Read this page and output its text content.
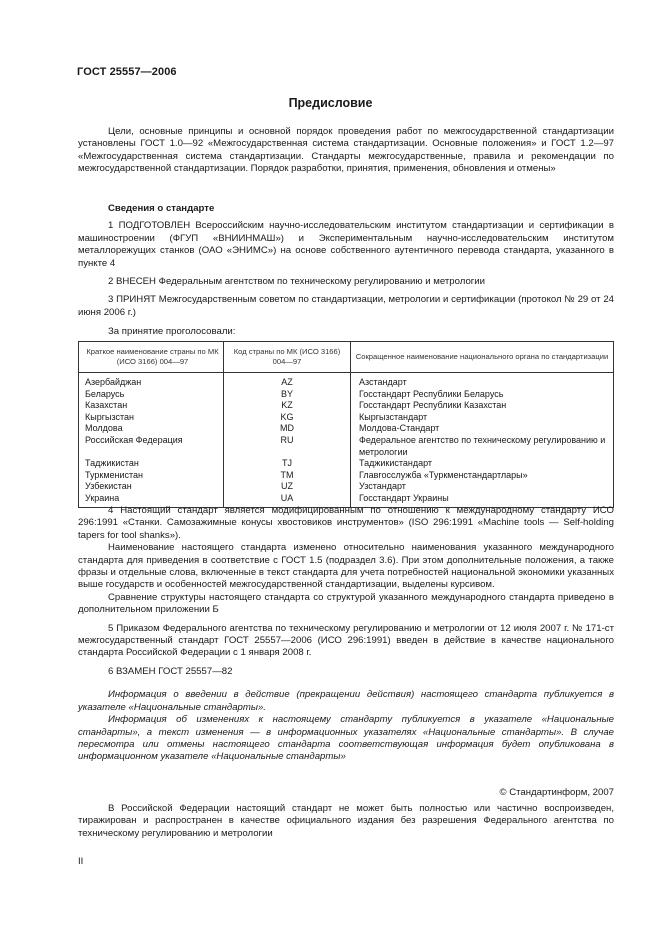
ГОСТ 25557—2006
Предисловие

Цели, основные принципы и основной порядок проведения работ по межгосударственной стандартизации установлены ГОСТ 1.0—92 «Межгосударственная система стандартизации. Основные положения» и ГОСТ 1.2—97 «Межгосударственная система стандартизации. Стандарты межгосударственные, правила и рекомендации по межгосударственной стандартизации. Порядок разработки, принятия, применения, обновления и отмены»

Сведения о стандарте

1 ПОДГОТОВЛЕН Всероссийским научно-исследовательским институтом стандартизации и сертификации в машиностроении (ФГУП «ВНИИНМАШ») и Экспериментальным научно-исследовательским институтом металлорежущих станков (ОАО «ЭНИМС») на основе собственного аутентичного перевода стандарта, указанного в пункте 4

2 ВНЕСЕН Федеральным агентством по техническому регулированию и метрологии

3 ПРИНЯТ Межгосударственным советом по стандартизации, метрологии и сертификации (протокол № 29 от 24 июня 2006 г.)

За принятие проголосовали:

Краткое наименование страны по МК (ИСО 3166) 004—97	Код страны по МК (ИСО 3166) 004—97	Сокращенное наименование национального органа по стандартизации
Азербайджан	AZ	Азстандарт
Беларусь	BY	Госстандарт Республики Беларусь
Казахстан	KZ	Госстандарт Республики Казахстан
Кыргызстан	KG	Кыргызстандарт
Молдова	MD	Молдова-Стандарт
Российская Федерация	RU	Федеральное агентство по техническому регулированию и метрологии
Таджикистан	TJ	Таджикистандарт
Туркменистан	TM	Главгосслужба «Туркменстандартлары»
Узбекистан	UZ	Узстандарт
Украина	UA	Госстандарт Украины

4 Настоящий стандарт является модифицированным по отношению к международному стандарту ИСО 296:1991 «Станки. Самозажимные конусы хвостовиков инструментов» (ISO 296:1991 «Machine tools — Self-holding tapers for tool shanks»).

Наименование настоящего стандарта изменено относительно наименования указанного международного стандарта для приведения в соответствие с ГОСТ 1.5 (подраздел 3.6). При этом дополнительные положения, а также фразы и отдельные слова, включенные в текст стандарта для учета потребностей национальной экономики указанных выше государств и особенностей межгосударственной стандартизации, выделены курсивом.

Сравнение структуры настоящего стандарта со структурой указанного международного стандарта приведено в дополнительном приложении Б

5 Приказом Федерального агентства по техническому регулированию и метрологии от 12 июля 2007 г. № 171-ст межгосударственный стандарт ГОСТ 25557—2006 (ИСО 296:1991) введен в действие в качестве национального стандарта Российской Федерации с 1 января 2008 г.

6 ВЗАМЕН ГОСТ 25557—82

Информация о введении в действие (прекращении действия) настоящего стандарта публикуется в указателе «Национальные стандарты».

Информация об изменениях к настоящему стандарту публикуется в указателе «Национальные стандарты», а текст изменения — в информационных указателях «Национальные стандарты». В случае пересмотра или отмены настоящего стандарта соответствующая информация будет опубликована в информационном указателе «Национальные стандарты»

© Стандартинформ, 2007

В Российской Федерации настоящий стандарт не может быть полностью или частично воспроизведен, тиражирован и распространен в качестве официального издания без разрешения Федерального агентства по техническому регулированию и метрологии

II
